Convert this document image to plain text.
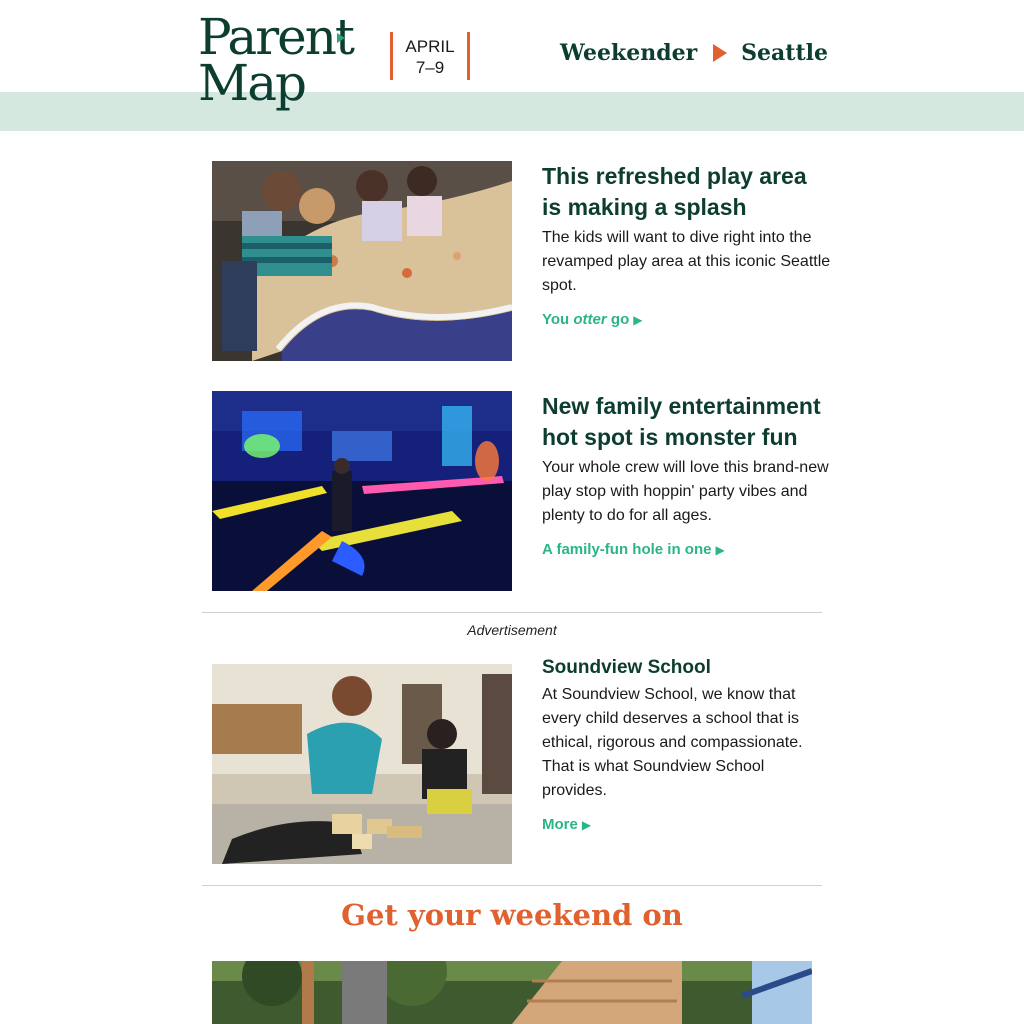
Parent
Map
APRIL
7–9
Weekender Seattle

This refreshed play area is making a splash

The kids will want to dive right into the revamped play area at this iconic Seattle spot.

You otter go ▶

New family entertainment hot spot is monster fun

Your whole crew will love this brand-new play stop with hoppin' party vibes and plenty to do for all ages.

A family-fun hole in one ▶
Advertisement

Soundview School

At Soundview School, we know that every child deserves a school that is ethical, rigorous and compassionate. That is what Soundview School provides.

More ▶
Get your weekend on
